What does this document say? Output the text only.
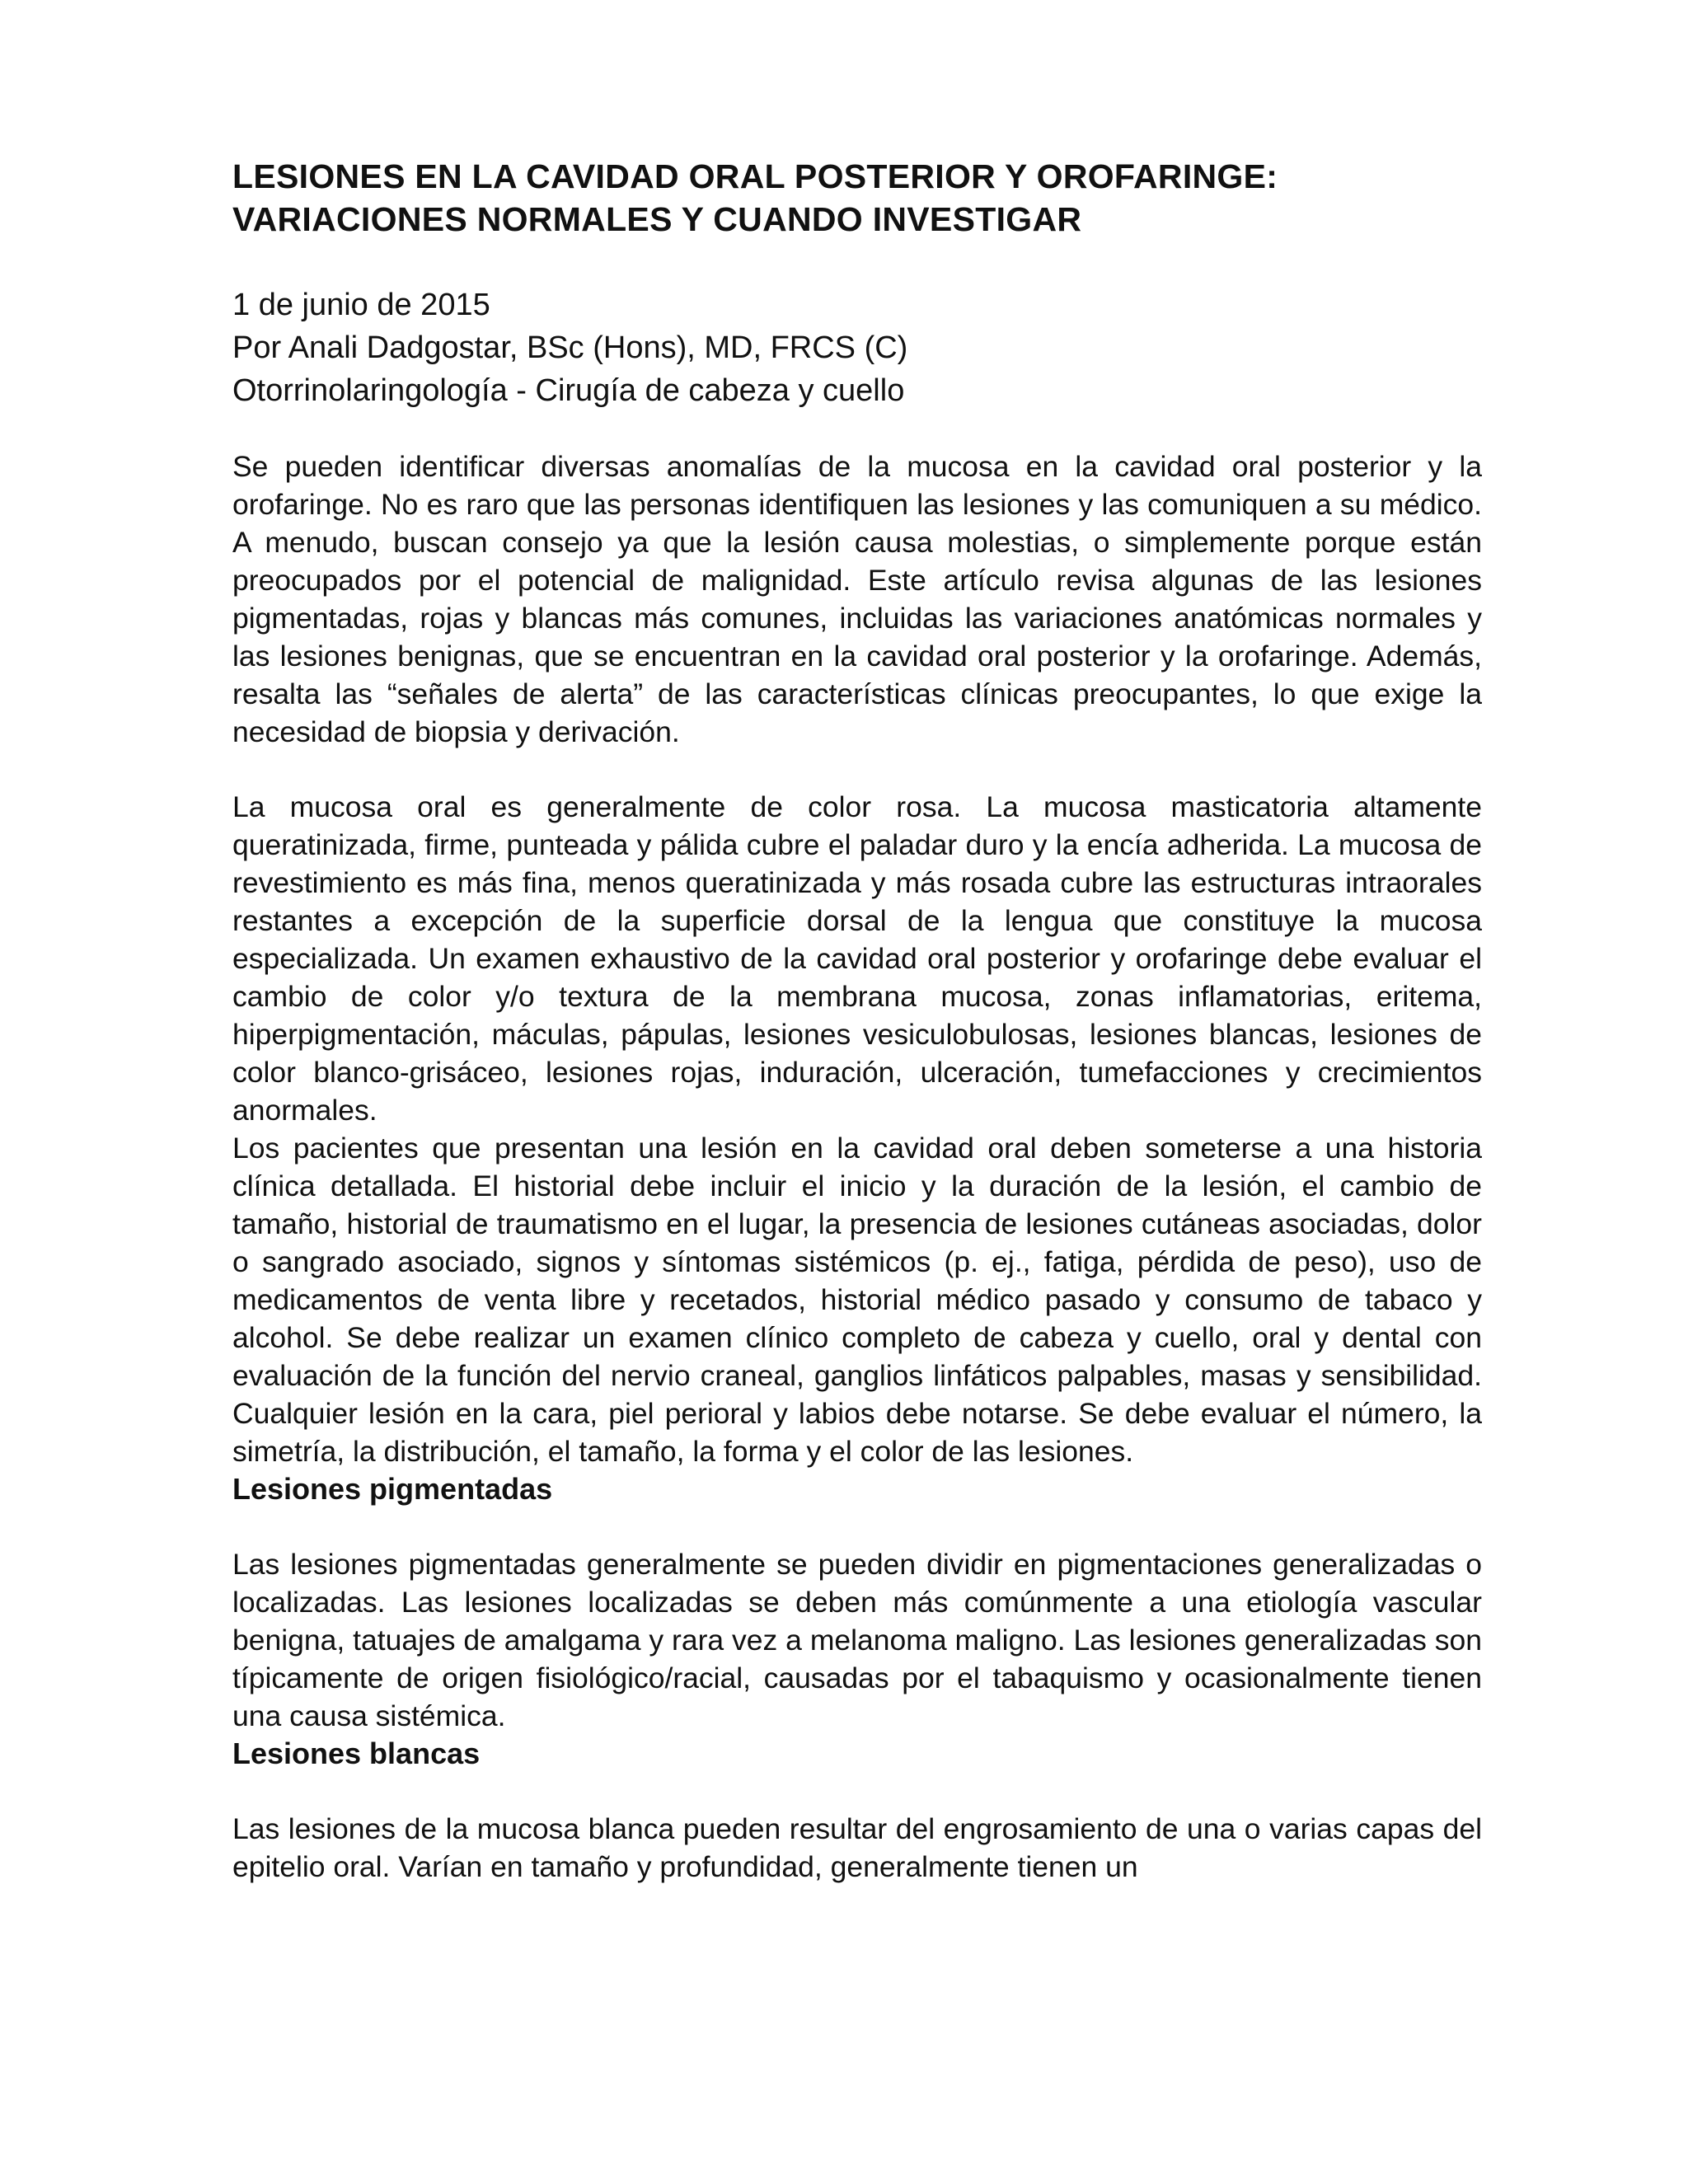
LESIONES EN LA CAVIDAD ORAL POSTERIOR Y OROFARINGE:
VARIACIONES NORMALES Y CUANDO INVESTIGAR
1 de junio de 2015
Por Anali Dadgostar, BSc (Hons), MD, FRCS (C)
Otorrinolaringología - Cirugía de cabeza y cuello

Se pueden identificar diversas anomalías de la mucosa en la cavidad oral posterior y la orofaringe. No es raro que las personas identifiquen las lesiones y las comuniquen a su médico. A menudo, buscan consejo ya que la lesión causa molestias, o simplemente porque están preocupados por el potencial de malignidad. Este artículo revisa algunas de las lesiones pigmentadas, rojas y blancas más comunes, incluidas las variaciones anatómicas normales y las lesiones benignas, que se encuentran en la cavidad oral posterior y la orofaringe. Además, resalta las “señales de alerta” de las características clínicas preocupantes, lo que exige la necesidad de biopsia y derivación.

La mucosa oral es generalmente de color rosa. La mucosa masticatoria altamente queratinizada, firme, punteada y pálida cubre el paladar duro y la encía adherida. La mucosa de revestimiento es más fina, menos queratinizada y más rosada cubre las estructuras intraorales restantes a excepción de la superficie dorsal de la lengua que constituye la mucosa especializada. Un examen exhaustivo de la cavidad oral posterior y orofaringe debe evaluar el cambio de color y/o textura de la membrana mucosa, zonas inflamatorias, eritema, hiperpigmentación, máculas, pápulas, lesiones vesiculobulosas, lesiones blancas, lesiones de color blanco-grisáceo, lesiones rojas, induración, ulceración, tumefacciones y crecimientos anormales.

Los pacientes que presentan una lesión en la cavidad oral deben someterse a una historia clínica detallada. El historial debe incluir el inicio y la duración de la lesión, el cambio de tamaño, historial de traumatismo en el lugar, la presencia de lesiones cutáneas asociadas, dolor o sangrado asociado, signos y síntomas sistémicos (p. ej., fatiga, pérdida de peso), uso de medicamentos de venta libre y recetados, historial médico pasado y consumo de tabaco y alcohol. Se debe realizar un examen clínico completo de cabeza y cuello, oral y dental con evaluación de la función del nervio craneal, ganglios linfáticos palpables, masas y sensibilidad. Cualquier lesión en la cara, piel perioral y labios debe notarse. Se debe evaluar el número, la simetría, la distribución, el tamaño, la forma y el color de las lesiones.

Lesiones pigmentadas

Las lesiones pigmentadas generalmente se pueden dividir en pigmentaciones generalizadas o localizadas. Las lesiones localizadas se deben más comúnmente a una etiología vascular benigna, tatuajes de amalgama y rara vez a melanoma maligno. Las lesiones generalizadas son típicamente de origen fisiológico/racial, causadas por el tabaquismo y ocasionalmente tienen una causa sistémica.

Lesiones blancas

Las lesiones de la mucosa blanca pueden resultar del engrosamiento de una o varias capas del epitelio oral. Varían en tamaño y profundidad, generalmente tienen un
